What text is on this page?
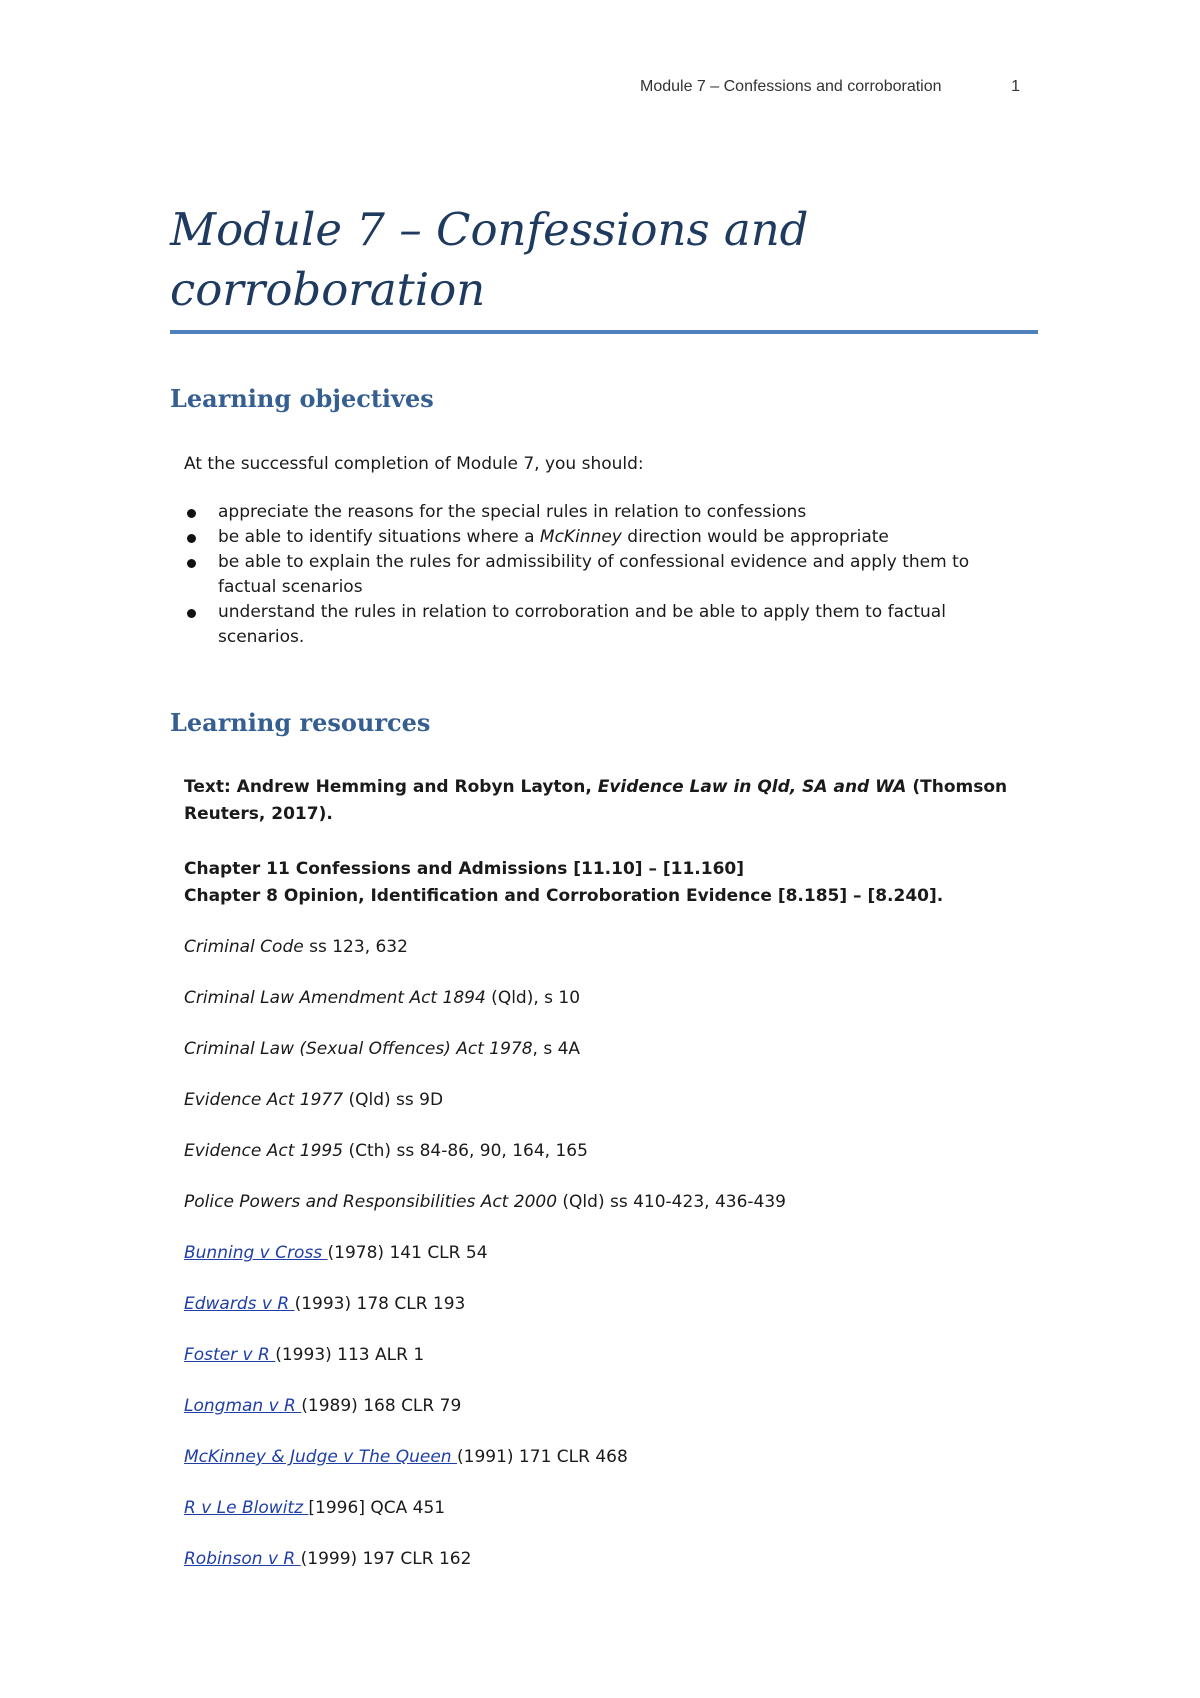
Module 7 – Confessions and corroboration	1
Module 7 – Confessions and
corroboration
Learning objectives
At the successful completion of Module 7, you should:
appreciate the reasons for the special rules in relation to confessions
be able to identify situations where a McKinney direction would be appropriate
be able to explain the rules for admissibility of confessional evidence and apply them to factual scenarios
understand the rules in relation to corroboration and be able to apply them to factual scenarios.
Learning resources
Text: Andrew Hemming and Robyn Layton, Evidence Law in Qld, SA and WA (Thomson
Reuters, 2017).
Chapter 11 Confessions and Admissions [11.10] – [11.160]
Chapter 8 Opinion, Identification and Corroboration Evidence [8.185] – [8.240].
Criminal Code ss 123, 632
Criminal Law Amendment Act 1894 (Qld), s 10
Criminal Law (Sexual Offences) Act 1978, s 4A
Evidence Act 1977 (Qld) ss 9D
Evidence Act 1995 (Cth) ss 84-86, 90, 164, 165
Police Powers and Responsibilities Act 2000 (Qld) ss 410-423, 436-439
Bunning v Cross (1978) 141 CLR 54
Edwards v R (1993) 178 CLR 193
Foster v R (1993) 113 ALR 1
Longman v R (1989) 168 CLR 79
McKinney & Judge v The Queen (1991) 171 CLR 468
R v Le Blowitz [1996] QCA 451
Robinson v R (1999) 197 CLR 162
